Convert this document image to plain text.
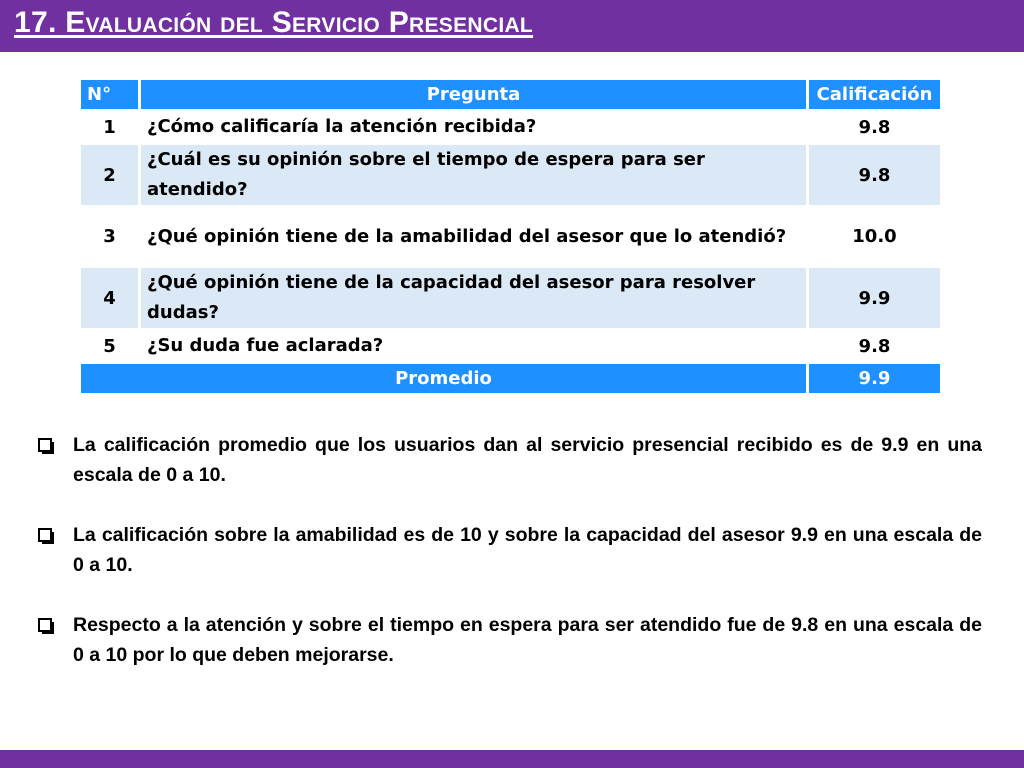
17. Evaluación del Servicio Presencial
N°	Pregunta	Calificación
1	¿Cómo calificaría la atención recibida?	9.8
2	¿Cuál es su opinión sobre el tiempo de espera para ser atendido?	9.8
3	¿Qué opinión tiene de la amabilidad del asesor que lo atendió?	10.0
4	¿Qué opinión tiene de la capacidad del asesor para resolver dudas?	9.9
5	¿Su duda fue aclarada?	9.8
Promedio		9.9
La calificación promedio que los usuarios dan al servicio presencial recibido es de 9.9 en una escala de 0 a 10.
La calificación sobre la amabilidad es de 10 y sobre la capacidad del asesor 9.9 en una escala de 0 a 10.
Respecto a la atención y sobre el tiempo en espera para ser atendido fue de 9.8 en una escala de 0 a 10 por lo que deben mejorarse.
